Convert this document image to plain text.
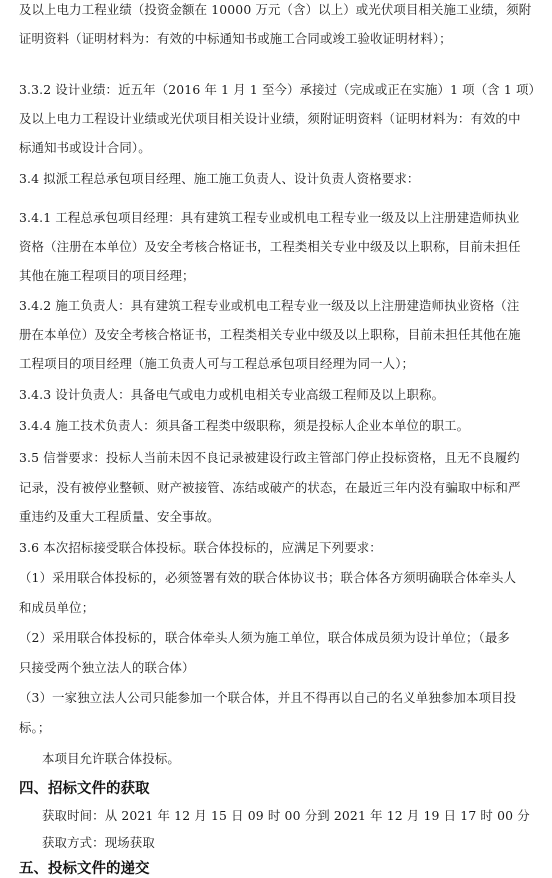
及以上电力工程业绩（投资金额在 10000 万元（含）以上）或光伏项目相关施工业绩，须附
证明资料（证明材料为：有效的中标通知书或施工合同或竣工验收证明材料）；
3.3.2 设计业绩：近五年（2016 年 1 月 1 至今）承接过（完成或正在实施）1 项（含 1 项）
及以上电力工程设计业绩或光伏项目相关设计业绩，须附证明资料（证明材料为：有效的中
标通知书或设计合同）。
3.4 拟派工程总承包项目经理、施工施工负责人、设计负责人资格要求：
3.4.1 工程总承包项目经理：具有建筑工程专业或机电工程专业一级及以上注册建造师执业
资格（注册在本单位）及安全考核合格证书，工程类相关专业中级及以上职称，目前未担任
其他在施工程项目的项目经理；
3.4.2 施工负责人：具有建筑工程专业或机电工程专业一级及以上注册建造师执业资格（注
册在本单位）及安全考核合格证书，工程类相关专业中级及以上职称，目前未担任其他在施
工程项目的项目经理（施工负责人可与工程总承包项目经理为同一人）；
3.4.3 设计负责人：具备电气或电力或机电相关专业高级工程师及以上职称。
3.4.4 施工技术负责人：须具备工程类中级职称，须是投标人企业本单位的职工。
3.5 信誉要求：投标人当前未因不良记录被建设行政主管部门停止投标资格，且无不良履约
记录，没有被停业整顿、财产被接管、冻结或破产的状态，在最近三年内没有骗取中标和严
重违约及重大工程质量、安全事故。
3.6 本次招标接受联合体投标。联合体投标的，应满足下列要求：
（1）采用联合体投标的，必须签署有效的联合体协议书；联合体各方须明确联合体牵头人
和成员单位；
（2）采用联合体投标的，联合体牵头人须为施工单位，联合体成员须为设计单位；（最多
只接受两个独立法人的联合体）
（3）一家独立法人公司只能参加一个联合体，并且不得再以自己的名义单独参加本项目投
标。；
本项目允许联合体投标。
四、招标文件的获取
获取时间：从 2021 年 12 月 15 日 09 时 00 分到 2021 年 12 月 19 日 17 时 00 分
获取方式：现场获取
五、投标文件的递交
